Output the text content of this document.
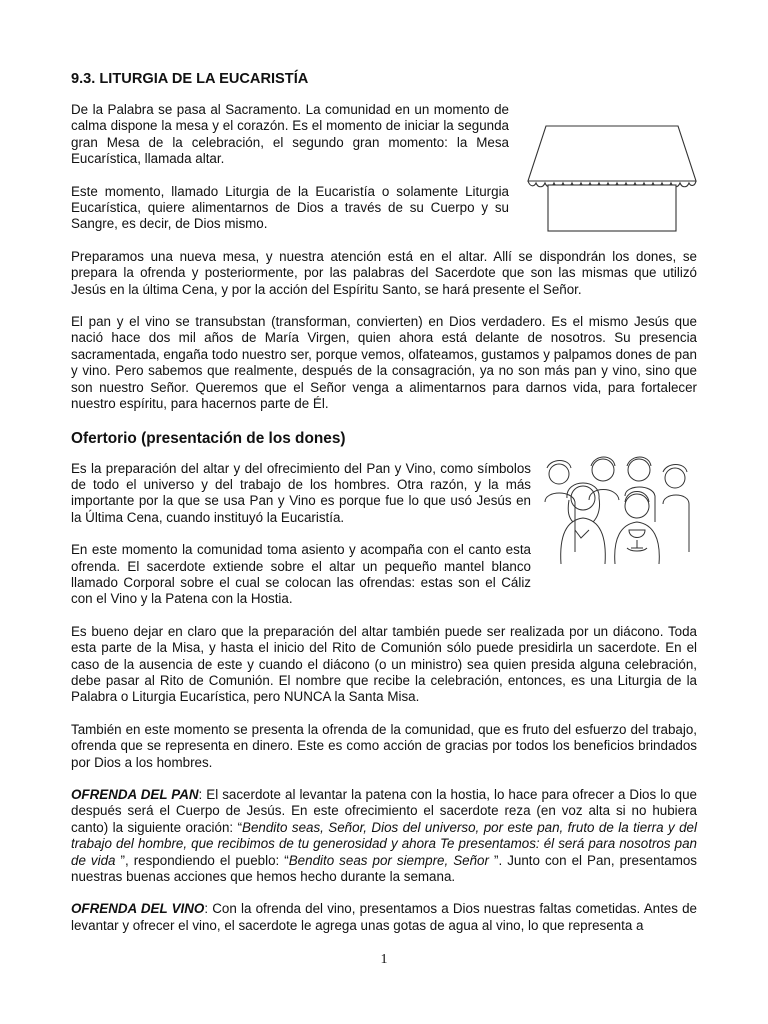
9.3. LITURGIA DE LA EUCARISTÍA

De la Palabra se pasa al Sacramento. La comunidad en un momento de calma dispone la mesa y el corazón. Es el momento de iniciar la segunda gran Mesa de la celebración, el segundo gran momento: la Mesa Eucarística, llamada altar.

Este momento, llamado Liturgia de la Eucaristía o solamente Liturgia Eucarística, quiere alimentarnos de Dios a través de su Cuerpo y su Sangre, es decir, de Dios mismo.

Preparamos una nueva mesa, y nuestra atención está en el altar. Allí se dispondrán los dones, se prepara la ofrenda y posteriormente, por las palabras del Sacerdote que son las mismas que utilizó Jesús en la última Cena, y por la acción del Espíritu Santo, se hará presente el Señor.

El pan y el vino se transubstan (transforman, convierten) en Dios verdadero. Es el mismo Jesús que nació hace dos mil años de María Virgen, quien ahora está delante de nosotros. Su presencia sacramentada, engaña todo nuestro ser, porque vemos, olfateamos, gustamos y palpamos dones de pan y vino. Pero sabemos que realmente, después de la consagración, ya no son más pan y vino, sino que son nuestro Señor. Queremos que el Señor venga a alimentarnos para darnos vida, para fortalecer nuestro espíritu, para hacernos parte de Él.

Ofertorio (presentación de los dones)

Es la preparación del altar y del ofrecimiento del Pan y Vino, como símbolos de todo el universo y del trabajo de los hombres. Otra razón, y la más importante por la que se usa Pan y Vino es porque fue lo que usó Jesús en la Última Cena, cuando instituyó la Eucaristía.

En este momento la comunidad toma asiento y acompaña con el canto esta ofrenda. El sacerdote extiende sobre el altar un pequeño mantel blanco llamado Corporal sobre el cual se colocan las ofrendas: estas son el Cáliz con el Vino y la Patena con la Hostia.

Es bueno dejar en claro que la preparación del altar también puede ser realizada por un diácono. Toda esta parte de la Misa, y hasta el inicio del Rito de Comunión sólo puede presidirla un sacerdote. En el caso de la ausencia de este y cuando el diácono (o un ministro) sea quien presida alguna celebración, debe pasar al Rito de Comunión. El nombre que recibe la celebración, entonces, es una Liturgia de la Palabra o Liturgia Eucarística, pero NUNCA la Santa Misa.

También en este momento se presenta la ofrenda de la comunidad, que es fruto del esfuerzo del trabajo, ofrenda que se representa en dinero. Este es como acción de gracias por todos los beneficios brindados por Dios a los hombres.

OFRENDA DEL PAN: El sacerdote al levantar la patena con la hostia, lo hace para ofrecer a Dios lo que después será el Cuerpo de Jesús. En este ofrecimiento el sacerdote reza (en voz alta si no hubiera canto) la siguiente oración: “Bendito seas, Señor, Dios del universo, por este pan, fruto de la tierra y del trabajo del hombre, que recibimos de tu generosidad y ahora Te presentamos: él será para nosotros pan de vida ”, respondiendo el pueblo: “Bendito seas por siempre, Señor ”. Junto con el Pan, presentamos nuestras buenas acciones que hemos hecho durante la semana.

OFRENDA DEL VINO: Con la ofrenda del vino, presentamos a Dios nuestras faltas cometidas. Antes de levantar y ofrecer el vino, el sacerdote le agrega unas gotas de agua al vino, lo que representa a

1
